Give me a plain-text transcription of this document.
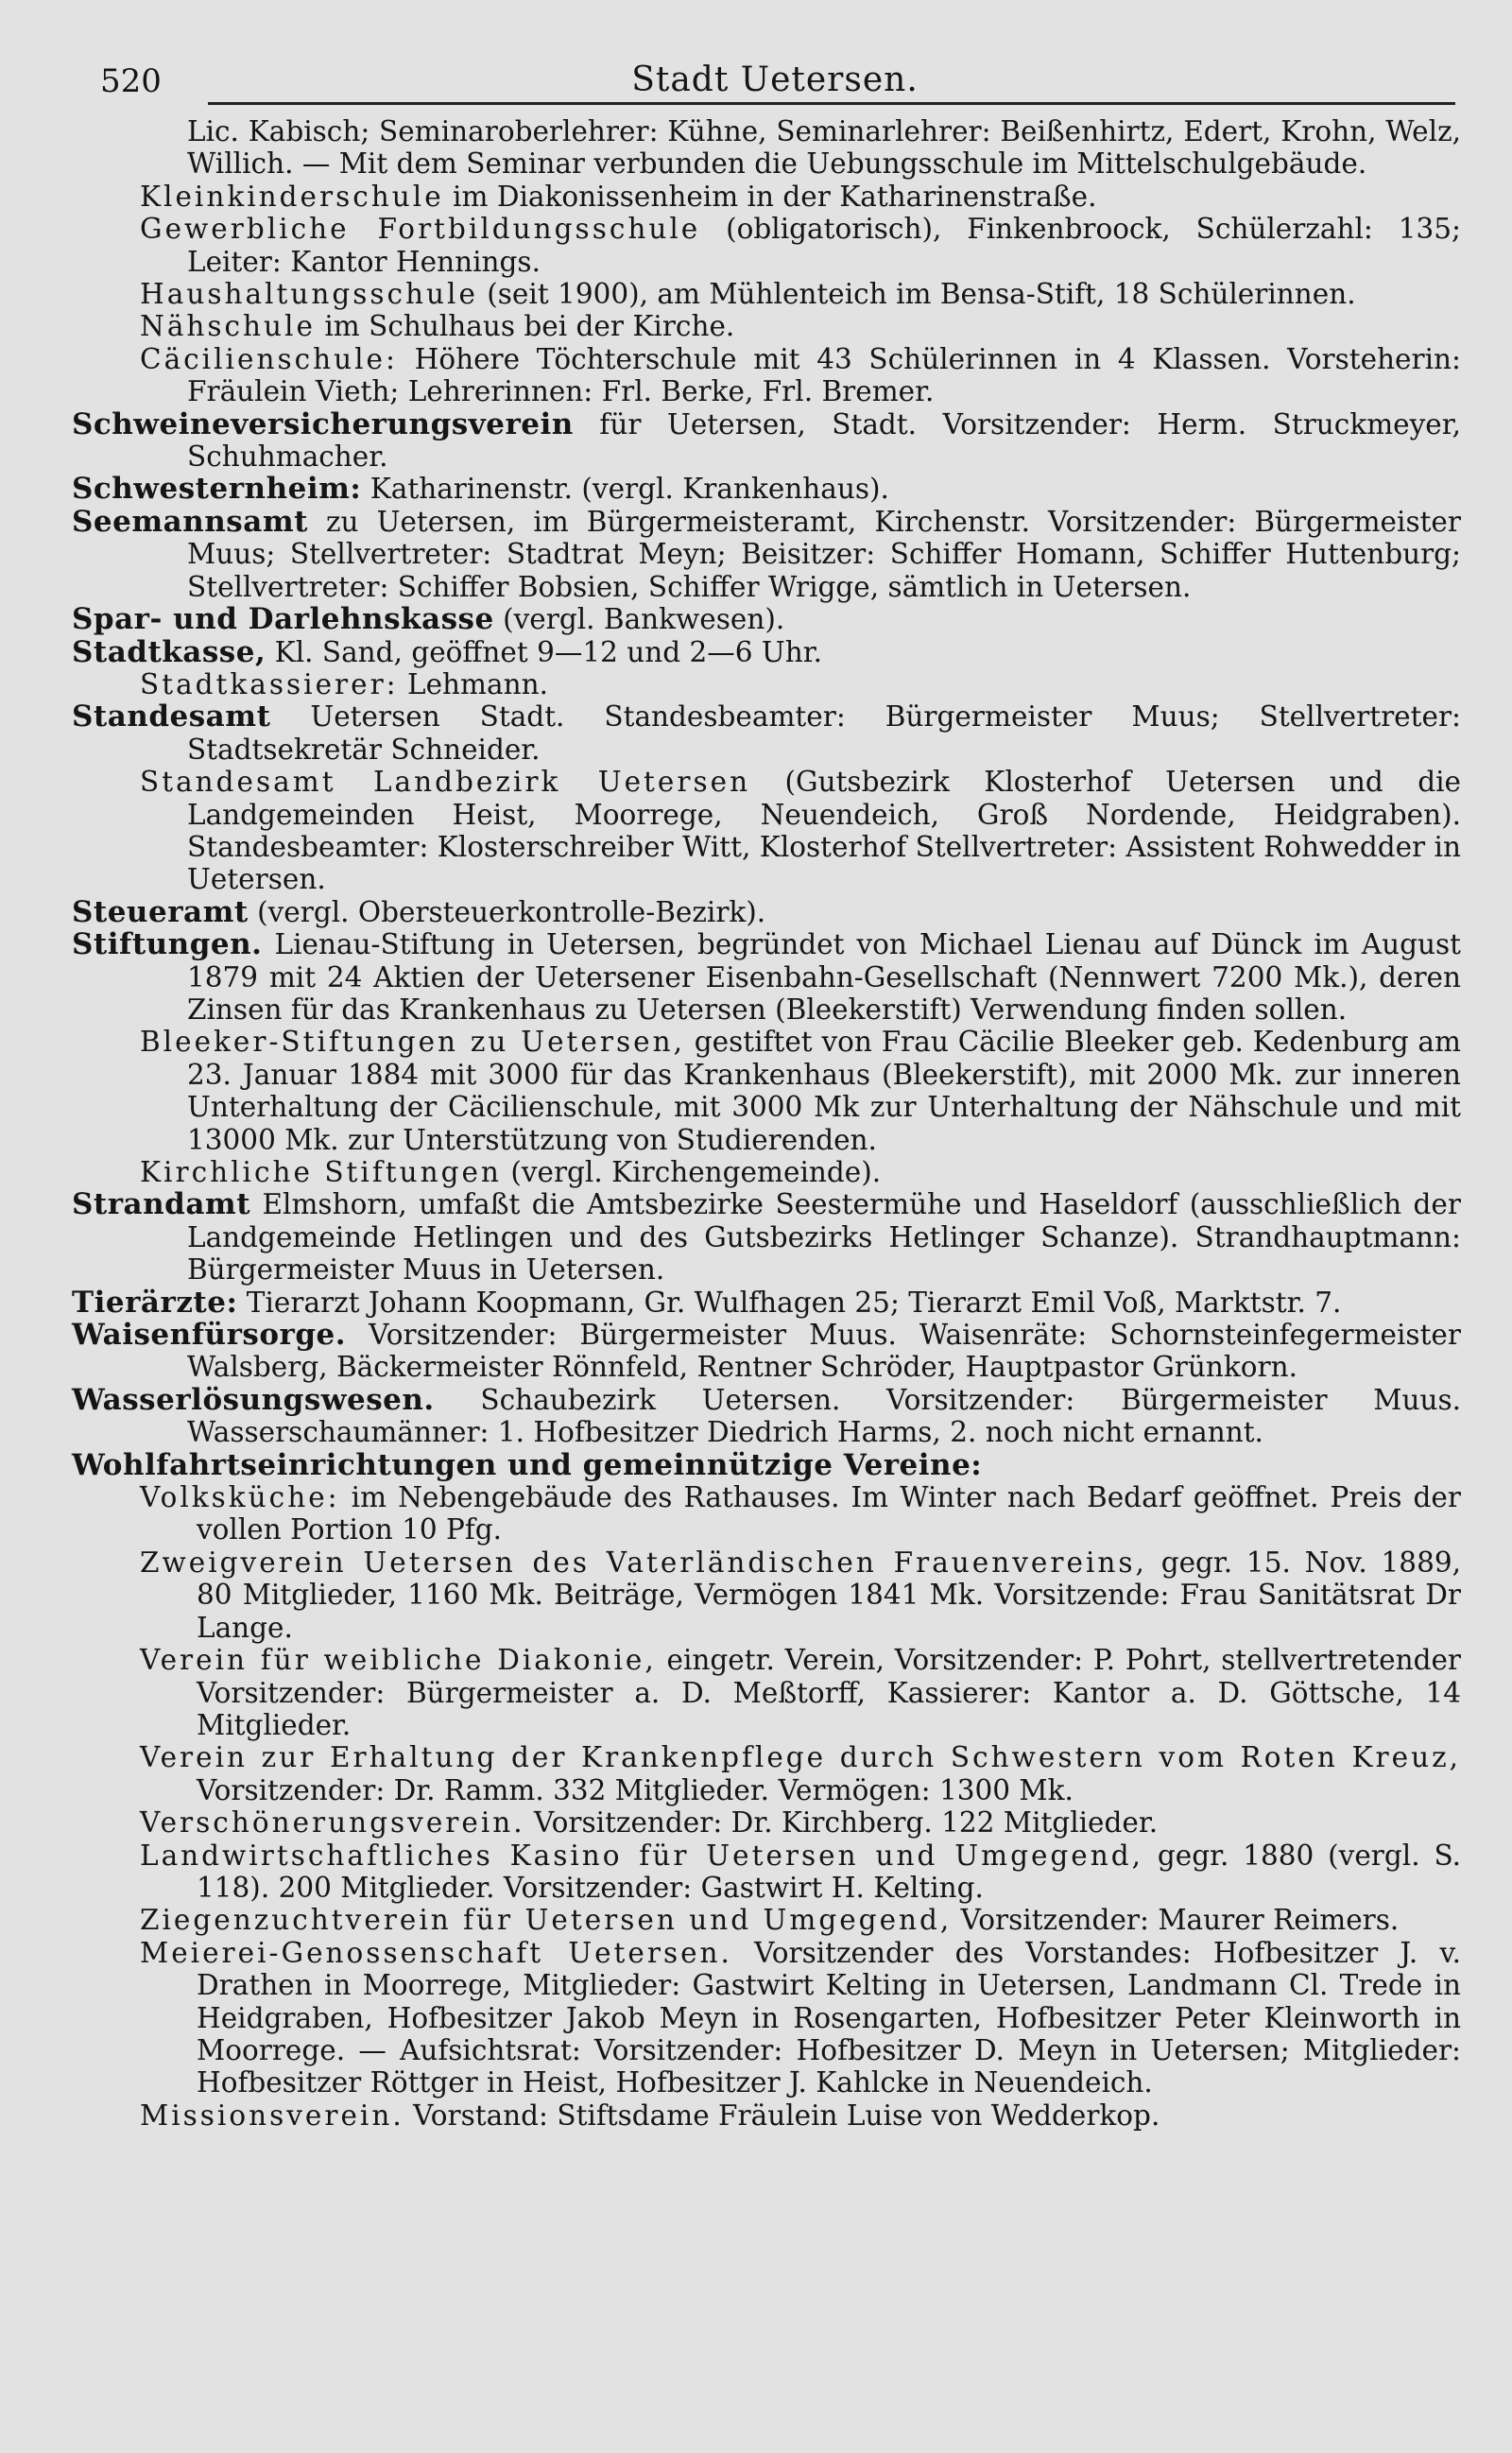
520	Stadt Uetersen.

Lic. Kabisch; Seminaroberlehrer: Kühne, Seminarlehrer: Beißenhirtz, Edert, Krohn, Welz, Willich. — Mit dem Seminar verbunden die Uebungsschule im Mittelschulgebäude.

Kleinkinderschule im Diakonissenheim in der Katharinenstraße.

Gewerbliche Fortbildungsschule (obligatorisch), Finkenbroock, Schülerzahl: 135; Leiter: Kantor Hennings.

Haushaltungsschule (seit 1900), am Mühlenteich im Bensa-Stift, 18 Schülerinnen.

Nähschule im Schulhaus bei der Kirche.

Cäcilienschule: Höhere Töchterschule mit 43 Schülerinnen in 4 Klassen. Vorsteherin: Fräulein Vieth; Lehrerinnen: Frl. Berke, Frl. Bremer.

Schweineversicherungsverein für Uetersen, Stadt. Vorsitzender: Herm. Struckmeyer, Schuhmacher.

Schwesternheim: Katharinenstr. (vergl. Krankenhaus).

Seemannsamt zu Uetersen, im Bürgermeisteramt, Kirchenstr. Vorsitzender: Bürgermeister Muus; Stellvertreter: Stadtrat Meyn; Beisitzer: Schiffer Homann, Schiffer Huttenburg; Stellvertreter: Schiffer Bobsien, Schiffer Wrigge, sämtlich in Uetersen.

Spar- und Darlehnskasse (vergl. Bankwesen).

Stadtkasse, Kl. Sand, geöffnet 9—12 und 2—6 Uhr.

Stadtkassierer: Lehmann.

Standesamt Uetersen Stadt. Standesbeamter: Bürgermeister Muus; Stellvertreter: Stadtsekretär Schneider.

Standesamt Landbezirk Uetersen (Gutsbezirk Klosterhof Uetersen und die Landgemeinden Heist, Moorrege, Neuendeich, Groß Nordende, Heidgraben). Standesbeamter: Klosterschreiber Witt, Klosterhof Stellvertreter: Assistent Rohwedder in Uetersen.

Steueramt (vergl. Obersteuerkontrolle-Bezirk).

Stiftungen. Lienau-Stiftung in Uetersen, begründet von Michael Lienau auf Dünck im August 1879 mit 24 Aktien der Uetersener Eisenbahn-Gesellschaft (Nennwert 7200 Mk.), deren Zinsen für das Krankenhaus zu Uetersen (Bleekerstift) Verwendung finden sollen.

Bleeker-Stiftungen zu Uetersen, gestiftet von Frau Cäcilie Bleeker geb. Kedenburg am 23. Januar 1884 mit 3000 für das Krankenhaus (Bleekerstift), mit 2000 Mk. zur inneren Unterhaltung der Cäcilienschule, mit 3000 Mk zur Unterhaltung der Nähschule und mit 13000 Mk. zur Unterstützung von Studierenden.

Kirchliche Stiftungen (vergl. Kirchengemeinde).

Strandamt Elmshorn, umfaßt die Amtsbezirke Seestermühe und Haseldorf (ausschließlich der Landgemeinde Hetlingen und des Gutsbezirks Hetlinger Schanze). Strandhauptmann: Bürgermeister Muus in Uetersen.

Tierärzte: Tierarzt Johann Koopmann, Gr. Wulfhagen 25; Tierarzt Emil Voß, Marktstr. 7.

Waisenfürsorge. Vorsitzender: Bürgermeister Muus. Waisenräte: Schornsteinfegermeister Walsberg, Bäckermeister Rönnfeld, Rentner Schröder, Hauptpastor Grünkorn.

Wasserlösungswesen. Schaubezirk Uetersen. Vorsitzender: Bürgermeister Muus. Wasserschaumänner: 1. Hofbesitzer Diedrich Harms, 2. noch nicht ernannt.

Wohlfahrtseinrichtungen und gemeinnützige Vereine:

Volksküche: im Nebengebäude des Rathauses. Im Winter nach Bedarf geöffnet. Preis der vollen Portion 10 Pfg.

Zweigverein Uetersen des Vaterländischen Frauenvereins, gegr. 15. Nov. 1889, 80 Mitglieder, 1160 Mk. Beiträge, Vermögen 1841 Mk. Vorsitzende: Frau Sanitätsrat Dr Lange.

Verein für weibliche Diakonie, eingetr. Verein, Vorsitzender: P. Pohrt, stellvertretender Vorsitzender: Bürgermeister a. D. Meßtorff, Kassierer: Kantor a. D. Göttsche, 14 Mitglieder.

Verein zur Erhaltung der Krankenpflege durch Schwestern vom Roten Kreuz, Vorsitzender: Dr. Ramm. 332 Mitglieder. Vermögen: 1300 Mk.

Verschönerungsverein. Vorsitzender: Dr. Kirchberg. 122 Mitglieder.

Landwirtschaftliches Kasino für Uetersen und Umgegend, gegr. 1880 (vergl. S. 118). 200 Mitglieder. Vorsitzender: Gastwirt H. Kelting.

Ziegenzuchtverein für Uetersen und Umgegend, Vorsitzender: Maurer Reimers.

Meierei-Genossenschaft Uetersen. Vorsitzender des Vorstandes: Hofbesitzer J. v. Drathen in Moorrege, Mitglieder: Gastwirt Kelting in Uetersen, Landmann Cl. Trede in Heidgraben, Hofbesitzer Jakob Meyn in Rosengarten, Hofbesitzer Peter Kleinworth in Moorrege. — Aufsichtsrat: Vorsitzender: Hofbesitzer D. Meyn in Uetersen; Mitglieder: Hofbesitzer Röttger in Heist, Hofbesitzer J. Kahlcke in Neuendeich.

Missionsverein. Vorstand: Stiftsdame Fräulein Luise von Wedderkop.
